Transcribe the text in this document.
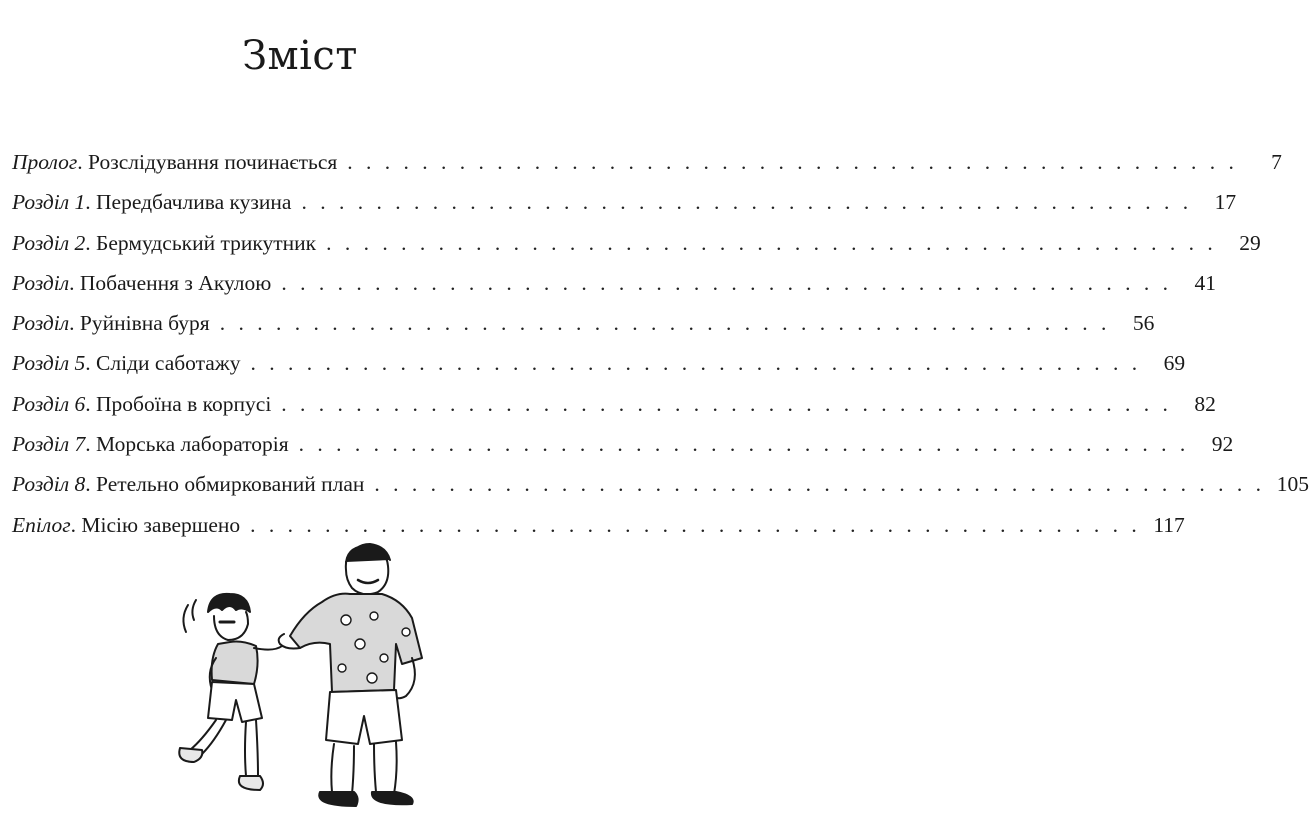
Зміст
Пролог. Розслідування починається . . . . . . . . . . . . . . . . . . . . . . . . . . . . . . . . . . . . . . . . . . . . . . . .	7
Розділ 1. Передбачлива кузина . . . . . . . . . . . . . . . . . . . . . . . . . . . . . . . . . . . . . . . . . . . . . . . .	17
Розділ 2. Бермудський трикутник . . . . . . . . . . . . . . . . . . . . . . . . . . . . . . . . . . . . . . . . . . . . . . . .	29
Розділ. Побачення з Акулою . . . . . . . . . . . . . . . . . . . . . . . . . . . . . . . . . . . . . . . . . . . . . . . .	41
Розділ. Руйнівна буря . . . . . . . . . . . . . . . . . . . . . . . . . . . . . . . . . . . . . . . . . . . . . . . .	56
Розділ 5. Сліди саботажу . . . . . . . . . . . . . . . . . . . . . . . . . . . . . . . . . . . . . . . . . . . . . . . .	69
Розділ 6. Пробоїна в корпусі . . . . . . . . . . . . . . . . . . . . . . . . . . . . . . . . . . . . . . . . . . . . . . . .	82
Розділ 7. Морська лабораторія . . . . . . . . . . . . . . . . . . . . . . . . . . . . . . . . . . . . . . . . . . . . . . . .	92
Розділ 8. Ретельно обмиркований план . . . . . . . . . . . . . . . . . . . . . . . . . . . . . . . . . . . . . . . . . . . . . . . . 105
Епілог. Місію завершено . . . . . . . . . . . . . . . . . . . . . . . . . . . . . . . . . . . . . . . . . . . . . . . . 117
